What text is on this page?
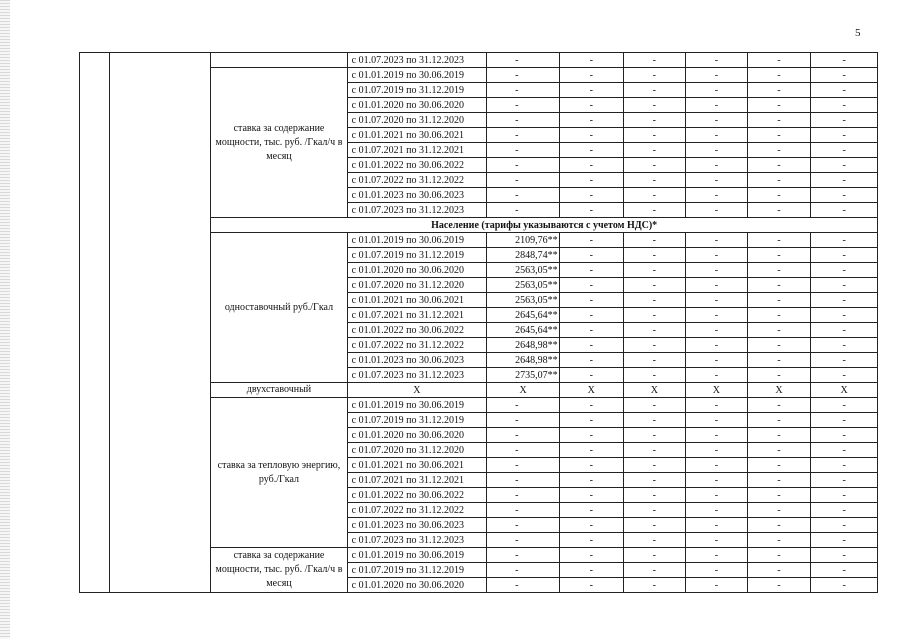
5
			с 01.07.2023 по 31.12.2023	-	-	-	-	-	-
		ставка за содержание мощности, тыс. руб. /Гкал/ч в месяц	с 01.01.2019 по 30.06.2019	-	-	-	-	-	-
			с 01.07.2019 по 31.12.2019	-	-	-	-	-	-
			с 01.01.2020 по 30.06.2020	-	-	-	-	-	-
			с 01.07.2020 по 31.12.2020	-	-	-	-	-	-
			с 01.01.2021 по 30.06.2021	-	-	-	-	-	-
			с 01.07.2021 по 31.12.2021	-	-	-	-	-	-
			с 01.01.2022 по 30.06.2022	-	-	-	-	-	-
			с 01.07.2022 по 31.12.2022	-	-	-	-	-	-
			с 01.01.2023 по 30.06.2023	-	-	-	-	-	-
			с 01.07.2023 по 31.12.2023	-	-	-	-	-	-
		Население (тарифы указываются с учетом НДС)*							
		одноставочный руб./Гкал	с 01.01.2019 по 30.06.2019	2109,76**	-	-	-	-	-
			с 01.07.2019 по 31.12.2019	2848,74**	-	-	-	-	-
			с 01.01.2020 по 30.06.2020	2563,05**	-	-	-	-	-
			с 01.07.2020 по 31.12.2020	2563,05**	-	-	-	-	-
			с 01.01.2021 по 30.06.2021	2563,05**	-	-	-	-	-
			с 01.07.2021 по 31.12.2021	2645,64**	-	-	-	-	-
			с 01.01.2022 по 30.06.2022	2645,64**	-	-	-	-	-
			с 01.07.2022 по 31.12.2022	2648,98**	-	-	-	-	-
			с 01.01.2023 по 30.06.2023	2648,98**	-	-	-	-	-
			с 01.07.2023 по 31.12.2023	2735,07**	-	-	-	-	-
		двухставочный	X	X	X	X	X	X	X
		ставка за тепловую энергию, руб./Гкал	с 01.01.2019 по 30.06.2019	-	-	-	-	-	-
			с 01.07.2019 по 31.12.2019	-	-	-	-	-	-
			с 01.01.2020 по 30.06.2020	-	-	-	-	-	-
			с 01.07.2020 по 31.12.2020	-	-	-	-	-	-
			с 01.01.2021 по 30.06.2021	-	-	-	-	-	-
			с 01.07.2021 по 31.12.2021	-	-	-	-	-	-
			с 01.01.2022 по 30.06.2022	-	-	-	-	-	-
			с 01.07.2022 по 31.12.2022	-	-	-	-	-	-
			с 01.01.2023 по 30.06.2023	-	-	-	-	-	-
			с 01.07.2023 по 31.12.2023	-	-	-	-	-	-
		ставка за содержание мощности, тыс. руб. /Гкал/ч в месяц	с 01.01.2019 по 30.06.2019	-	-	-	-	-	-
			с 01.07.2019 по 31.12.2019	-	-	-	-	-	-
			с 01.01.2020 по 30.06.2020	-	-	-	-	-	-
